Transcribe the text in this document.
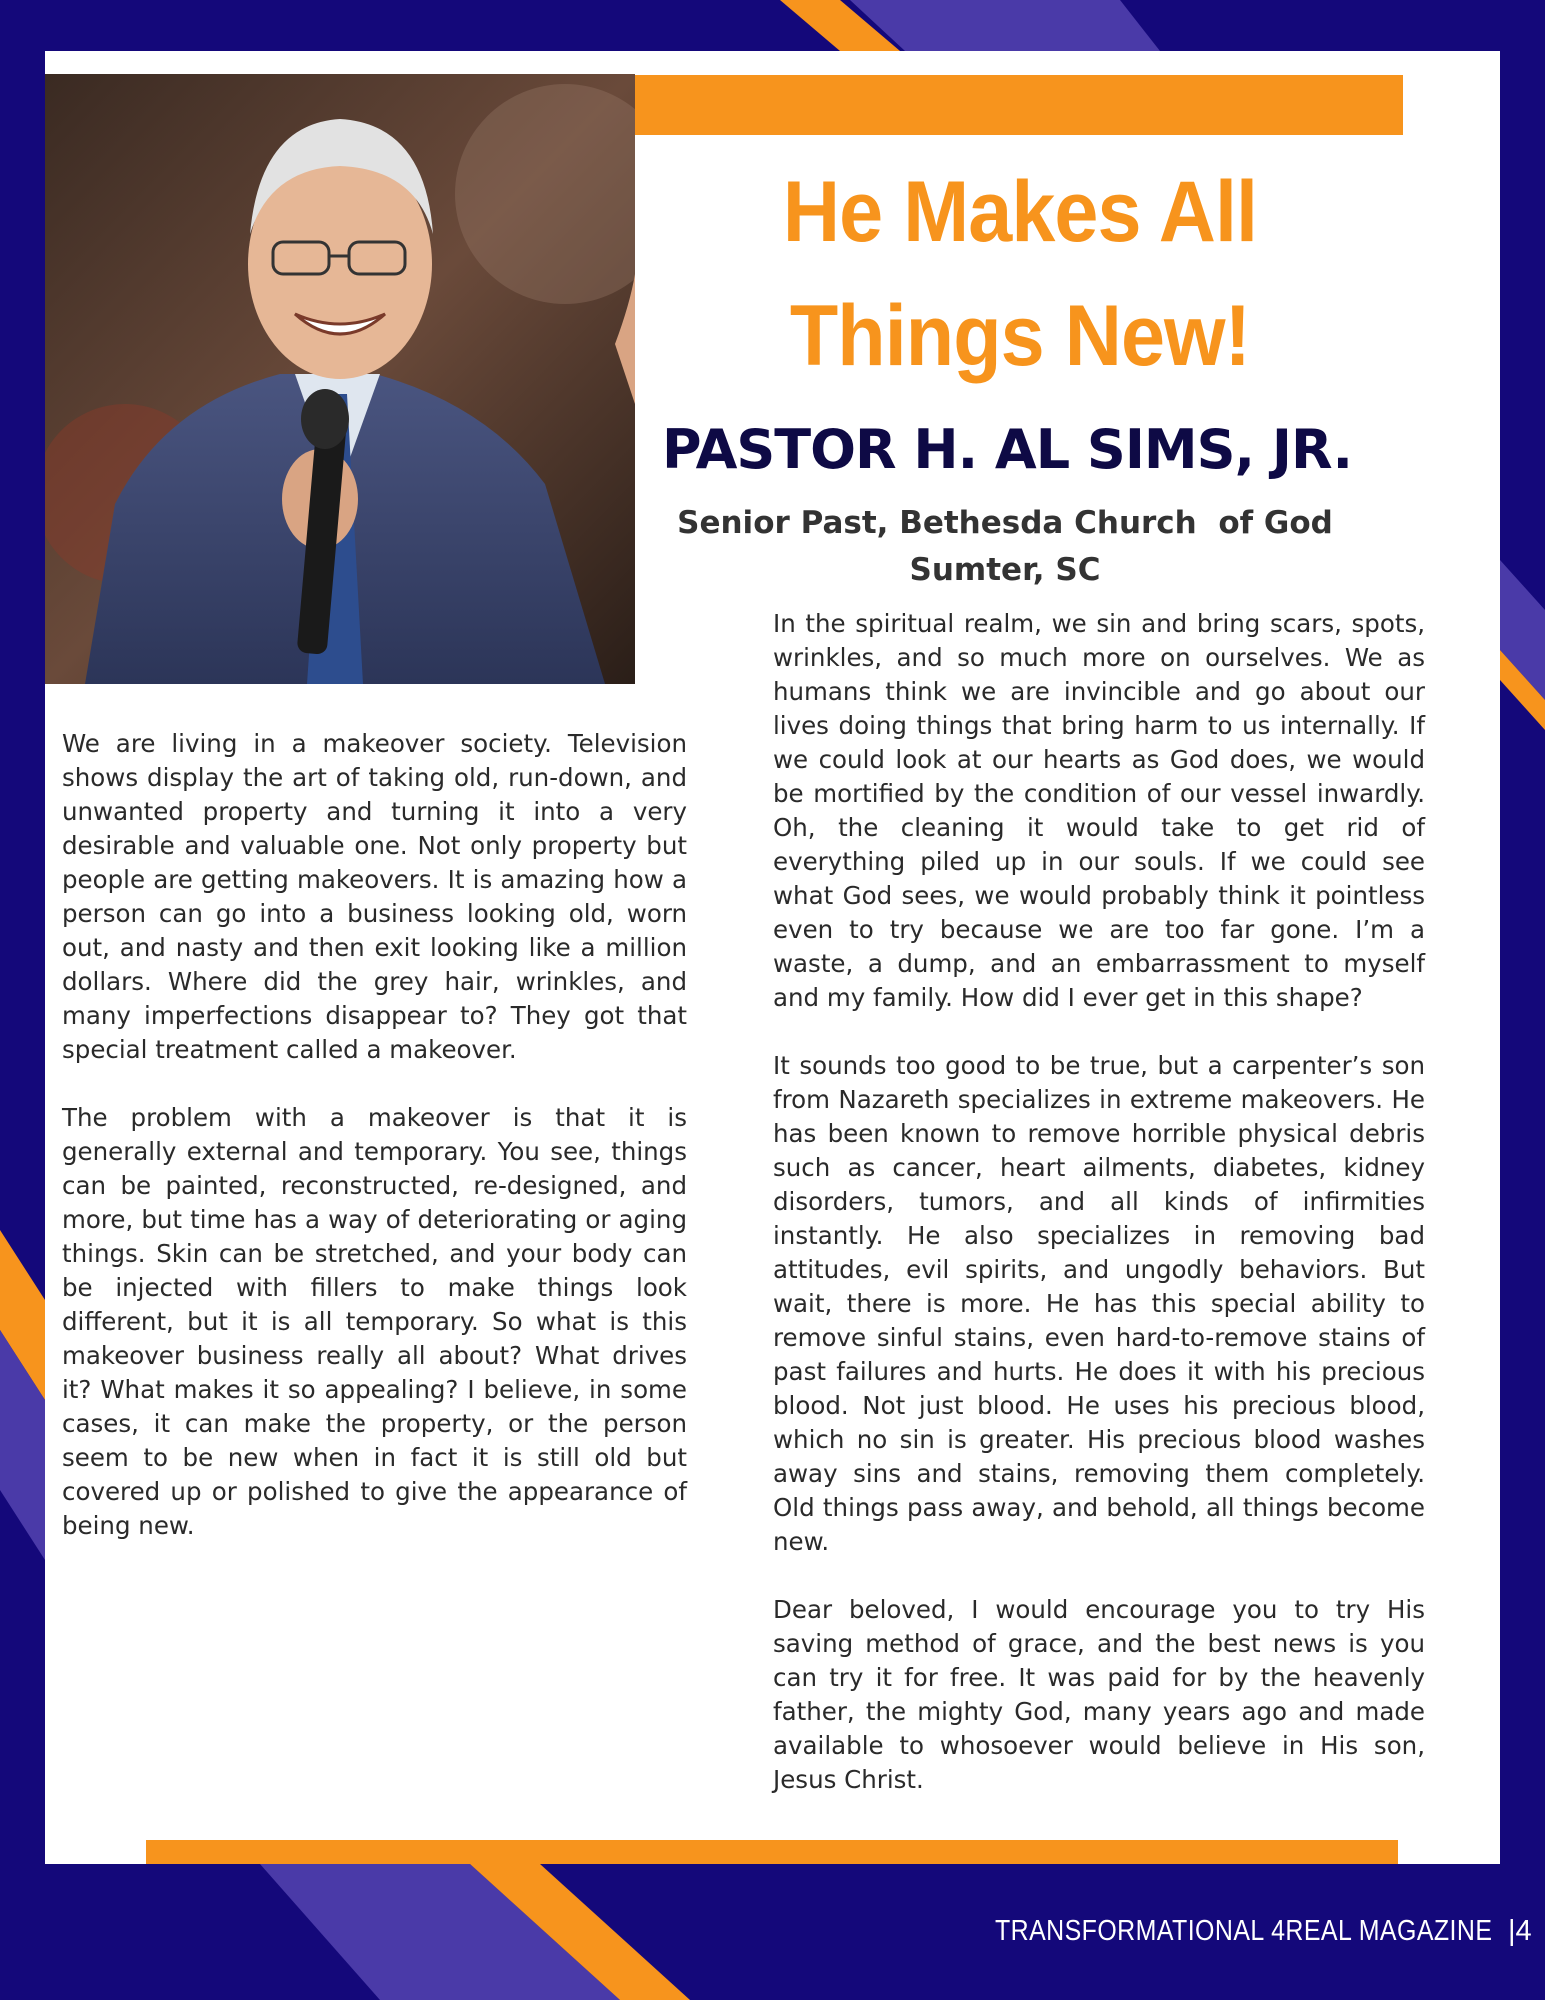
He Makes All Things New!
PASTOR H. AL SIMS, JR.
Senior Past, Bethesda Church  of God
Sumter, SC

We are living in a makeover society. Television shows display the art of taking old, run-down, and unwanted property and turning it into a very desirable and valuable one. Not only property but people are getting makeovers. It is amazing how a person can go into a business looking old, worn out, and nasty and then exit looking like a million dollars. Where did the grey hair, wrinkles, and many imperfections disappear to? They got that special treatment called a makeover.

The problem with a makeover is that it is generally external and temporary. You see, things can be painted, reconstructed, re-designed, and more, but time has a way of deteriorating or aging things. Skin can be stretched, and your body can be injected with fillers to make things look different, but it is all temporary. So what is this makeover business really all about? What drives it? What makes it so appealing? I believe, in some cases, it can make the property, or the person seem to be new when in fact it is still old but covered up or polished to give the appearance of being new.

In the spiritual realm, we sin and bring scars, spots, wrinkles, and so much more on ourselves. We as humans think we are invincible and go about our lives doing things that bring harm to us internally. If we could look at our hearts as God does, we would be mortified by the condition of our vessel inwardly. Oh, the cleaning it would take to get rid of everything piled up in our souls. If we could see what God sees, we would probably think it pointless even to try because we are too far gone. I’m a waste, a dump, and an embarrassment to myself and my family. How did I ever get in this shape?

It sounds too good to be true, but a carpenter’s son from Nazareth specializes in extreme makeovers. He has been known to remove horrible physical debris such as cancer, heart ailments, diabetes, kidney disorders, tumors, and all kinds of infirmities instantly. He also specializes in removing bad attitudes, evil spirits, and ungodly behaviors. But wait, there is more. He has this special ability to remove sinful stains, even hard-to-remove stains of past failures and hurts. He does it with his precious blood. Not just blood. He uses his precious blood, which no sin is greater. His precious blood washes away sins and stains, removing them completely. Old things pass away, and behold, all things become new.

Dear beloved, I would encourage you to try His saving method of grace, and the best news is you can try it for free. It was paid for by the heavenly father, the mighty God, many years ago and made available to whosoever would believe in His son, Jesus Christ.

TRANSFORMATIONAL 4REAL MAGAZINE |4
